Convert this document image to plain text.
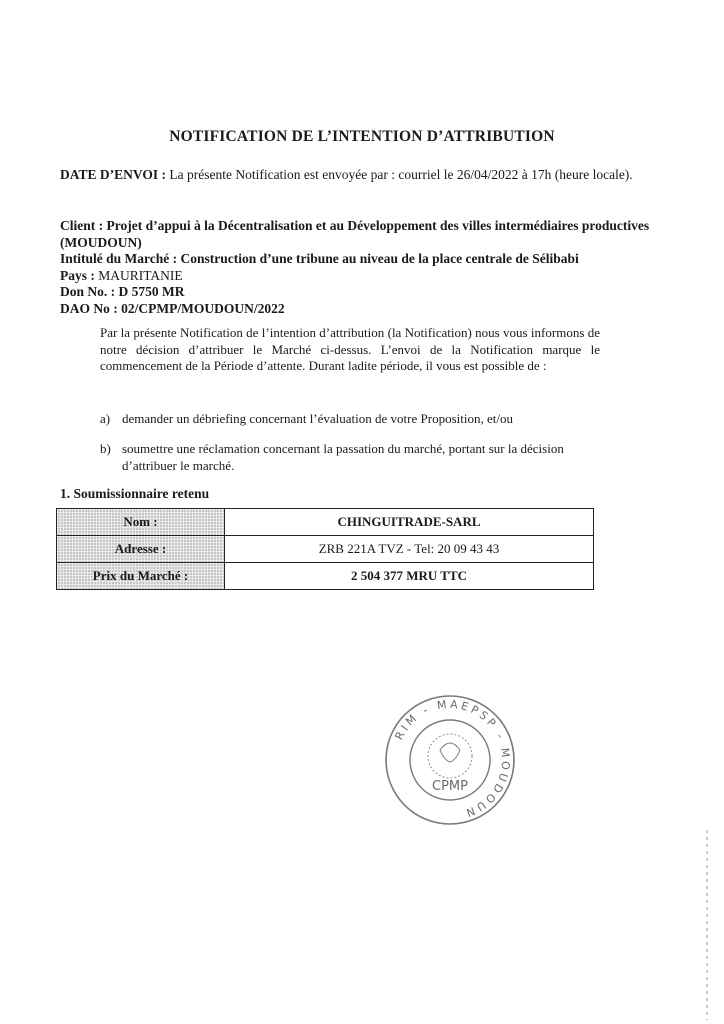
NOTIFICATION DE L’INTENTION D’ATTRIBUTION
DATE D’ENVOI : La présente Notification est envoyée par : courriel le 26/04/2022 à 17h (heure locale).
Client : Projet d’appui à la Décentralisation et au Développement des villes intermédiaires productives (MOUDOUN)
Intitulé du Marché : Construction d’une tribune au niveau de la place centrale de Sélibabi
Pays : MAURITANIE
Don No. : D 5750 MR
DAO No : 02/CPMP/MOUDOUN/2022
Par la présente Notification de l’intention d’attribution (la Notification) nous vous informons de notre décision d’attribuer le Marché ci-dessus. L’envoi de la Notification marque le commencement de la Période d’attente. Durant ladite période, il vous est possible de :
a) demander un débriefing concernant l’évaluation de votre Proposition, et/ou
b) soumettre une réclamation concernant la passation du marché, portant sur la décision d’attribuer le marché.
1. Soumissionnaire retenu
Nom :	CHINGUITRADE-SARL
Adresse :	ZRB 221A TVZ - Tel: 20 09 43 43
Prix du Marché :	2 504 377 MRU TTC
RIM - MAEPSP - MOUDOUN
CPMP
